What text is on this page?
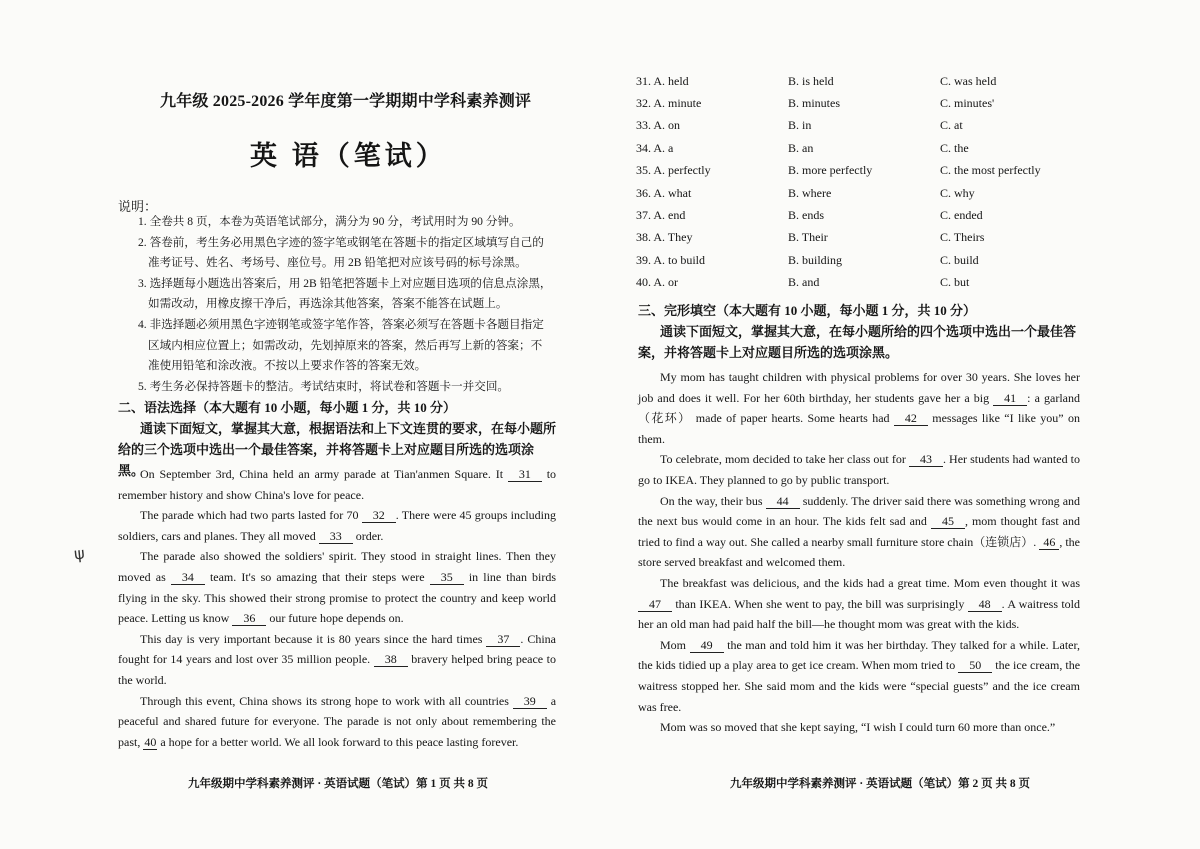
九年级 2025-2026 学年度第一学期期中学科素养测评
英 语（笔试）
说明：
1. 全卷共 8 页，本卷为英语笔试部分，满分为 90 分，考试用时为 90 分钟。
2. 答卷前，考生务必用黑色字迹的签字笔或钢笔在答题卡的指定区域填写自己的
准考证号、姓名、考场号、座位号。用 2B 铅笔把对应该号码的标号涂黑。
3. 选择题每小题选出答案后，用 2B 铅笔把答题卡上对应题目选项的信息点涂黑，
如需改动，用橡皮擦干净后，再选涂其他答案，答案不能答在试题上。
4. 非选择题必须用黑色字迹钢笔或签字笔作答，答案必须写在答题卡各题目指定
区域内相应位置上；如需改动，先划掉原来的答案，然后再写上新的答案；不
准使用铅笔和涂改液。不按以上要求作答的答案无效。
5. 考生务必保持答题卡的整洁。考试结束时，将试卷和答题卡一并交回。
二、语法选择（本大题有 10 小题，每小题 1 分，共 10 分）

通读下面短文，掌握其大意，根据语法和上下文连贯的要求，在每小题所给的三个选项中选出一个最佳答案，并将答题卡上对应题目所选的选项涂黑。

On September 3rd, China held an army parade at Tian'anmen Square. It 31 to remember history and show China's love for peace.

The parade which had two parts lasted for 70 32 . There were 45 groups including soldiers, cars and planes. They all moved 33 order.

The parade also showed the soldiers' spirit. They stood in straight lines. Then they moved as 34 team. It's so amazing that their steps were 35 in line than birds flying in the sky. This showed their strong promise to protect the country and keep world peace. Letting us know 36 our future hope depends on.

This day is very important because it is 80 years since the hard times 37 . China fought for 14 years and lost over 35 million people. 38 bravery helped bring peace to the world.

Through this event, China shows its strong hope to work with all countries 39 a peaceful and shared future for everyone. The parade is not only about remembering the past, 40 a hope for a better world. We all look forward to this peace lasting forever.

ψ
九年级期中学科素养测评 · 英语试题（笔试）第 1 页 共 8 页
31. A. held	B. is held	C. was held
32. A. minute	B. minutes	C. minutes'
33. A. on	B. in	C. at
34. A. a	B. an	C. the
35. A. perfectly	B. more perfectly	C. the most perfectly
36. A. what	B. where	C. why
37. A. end	B. ends	C. ended
38. A. They	B. Their	C. Theirs
39. A. to build	B. building	C. build
40. A. or	B. and	C. but
三、完形填空（本大题有 10 小题，每小题 1 分，共 10 分）

通读下面短文，掌握其大意，在每小题所给的四个选项中选出一个最佳答案，并将答题卡上对应题目所选的选项涂黑。

My mom has taught children with physical problems for over 30 years. She loves her job and does it well. For her 60th birthday, her students gave her a big 41 : a garland（花环） made of paper hearts. Some hearts had 42 messages like “I like you” on them.

To celebrate, mom decided to take her class out for 43 . Her students had wanted to go to IKEA. They planned to go by public transport.

On the way, their bus 44 suddenly. The driver said there was something wrong and the next bus would come in an hour. The kids felt sad and 45 , mom thought fast and tried to find a way out. She called a nearby small furniture store chain（连锁店）. 46 , the store served breakfast and welcomed them.

The breakfast was delicious, and the kids had a great time. Mom even thought it was 47 than IKEA. When she went to pay, the bill was surprisingly 48 . A waitress told her an old man had paid half the bill—he thought mom was great with the kids.

Mom 49 the man and told him it was her birthday. They talked for a while. Later, the kids tidied up a play area to get ice cream. When mom tried to 50 the ice cream, the waitress stopped her. She said mom and the kids were “special guests” and the ice cream was free.

Mom was so moved that she kept saying, “I wish I could turn 60 more than once.”

九年级期中学科素养测评 · 英语试题（笔试）第 2 页 共 8 页
